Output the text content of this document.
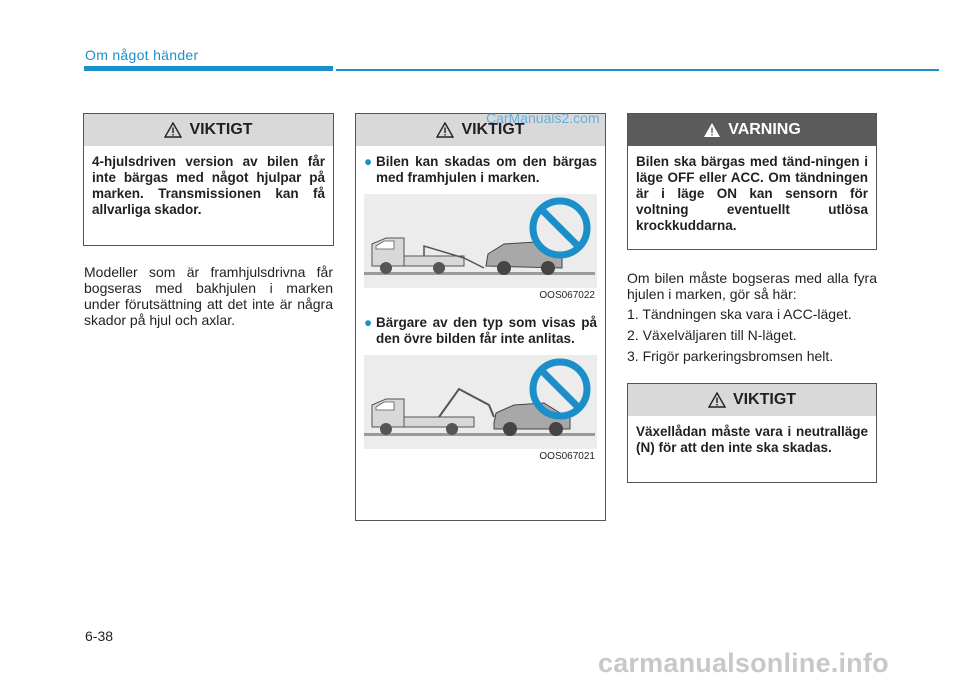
Om något händer
VIKTIGT
4-hjulsdriven version av bilen får inte bärgas med något hjulpar på marken. Transmissionen kan få allvarliga skador.
Modeller som är framhjulsdrivna får bogseras med bakhjulen i marken under förutsättning att det inte är några skador på hjul och axlar.
VIKTIGT
● Bilen kan skadas om den bärgas med framhjulen i marken.
OOS067022
● Bärgare av den typ som visas på den övre bilden får inte anlitas.
OOS067021
CarManuals2.com
VARNING
Bilen ska bärgas med tänd-ningen i läge OFF eller ACC. Om tändningen är i läge ON kan sensorn för voltning eventuellt utlösa krockkuddarna.
Om bilen måste bogseras med alla fyra hjulen i marken, gör så här:
1. Tändningen ska vara i ACC-läget.
2. Växelväljaren till N-läget.
3. Frigör parkeringsbromsen helt.
VIKTIGT
Växellådan måste vara i neutralläge (N) för att den inte ska skadas.
6-38
carmanualsonline.info
